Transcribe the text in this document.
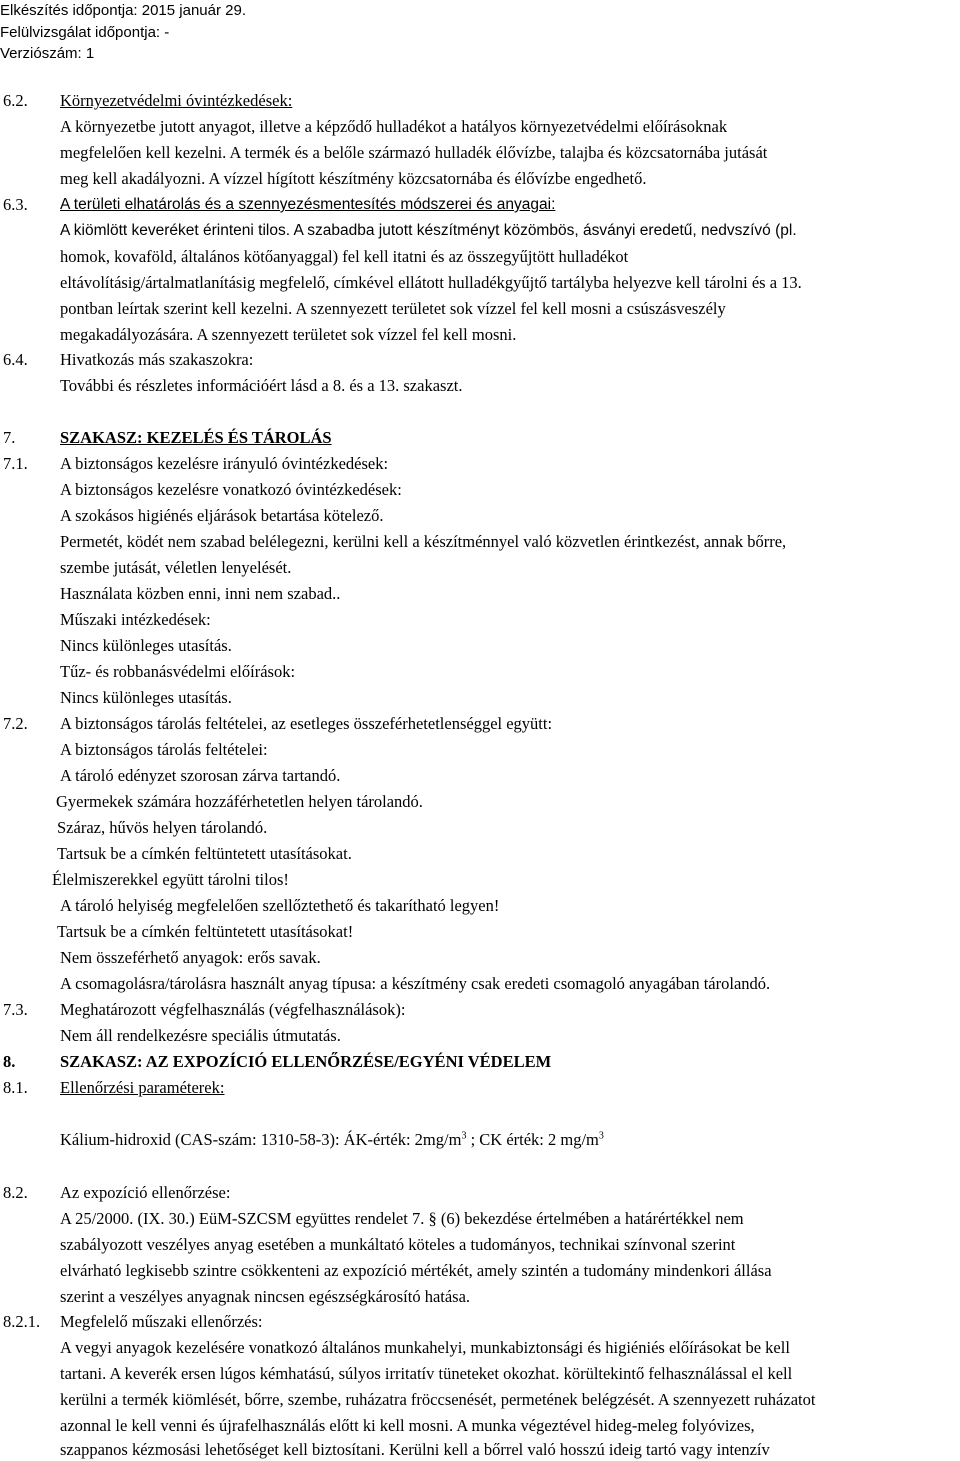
Elkészítés időpontja: 2015 január 29.
Felülvizsgálat időpontja: -
Verziószám: 1
6.2. Környezetvédelmi óvintézkedések:
A környezetbe jutott anyagot, illetve a képződő hulladékot a hatályos környezetvédelmi előírásoknak
megfelelően kell kezelni. A termék és a belőle származó hulladék élővízbe, talajba és közcsatornába jutását
meg kell akadályozni. A vízzel hígított készítmény közcsatornába és élővízbe engedhető.
6.3. A területi elhatárolás és a szennyezésmentesítés módszerei és anyagai:
A kiömlött keveréket érinteni tilos. A szabadba jutott készítményt közömbös, ásványi eredetű, nedvszívó (pl.
homok, kovaföld, általános kötőanyaggal) fel kell itatni és az összegyűjtött hulladékot
eltávolításig/ártalmatlanításig megfelelő, címkével ellátott hulladékgyűjtő tartályba helyezve kell tárolni és a 13.
pontban leírtak szerint kell kezelni. A szennyezett területet sok vízzel fel kell mosni a csúszásveszély
megakadályozására. A szennyezett területet sok vízzel fel kell mosni.
6.4. Hivatkozás más szakaszokra:
További és részletes információért lásd a 8. és a 13. szakaszt.
7.	SZAKASZ: KEZELÉS ÉS TÁROLÁS
7.1. A biztonságos kezelésre irányuló óvintézkedések:
A biztonságos kezelésre vonatkozó óvintézkedések:
A szokásos higiénés eljárások betartása kötelező.
Permetét, ködét nem szabad belélegezni, kerülni kell a készítménnyel való közvetlen érintkezést, annak bőrre,
szembe jutását, véletlen lenyelését.
Használata közben enni, inni nem szabad..
Műszaki intézkedések:
Nincs különleges utasítás.
Tűz- és robbanásvédelmi előírások:
Nincs különleges utasítás.
7.2. A biztonságos tárolás feltételei, az esetleges összeférhetetlenséggel együtt:
A biztonságos tárolás feltételei:
A tároló edényzet szorosan zárva tartandó.
Gyermekek számára hozzáférhetetlen helyen tárolandó.
Száraz, hűvös helyen tárolandó.
Tartsuk be a címkén feltüntetett utasításokat.
Élelmiszerekkel együtt tárolni tilos!
A tároló helyiség megfelelően szellőztethető és takarítható legyen!
Tartsuk be a címkén feltüntetett utasításokat!
Nem összeférhető anyagok: erős savak.
A csomagolásra/tárolásra használt anyag típusa: a készítmény csak eredeti csomagoló anyagában tárolandó.
7.3. Meghatározott végfelhasználás (végfelhasználások):
Nem áll rendelkezésre speciális útmutatás.
8.	SZAKASZ: AZ EXPOZÍCIÓ ELLENŐRZÉSE/EGYÉNI VÉDELEM
8.1. Ellenőrzési paraméterek:
Kálium-hidroxid (CAS-szám: 1310-58-3): ÁK-érték: $2mg/m^3$ ; CK érték: 2 $mg/m^3$
8.2. Az expozíció ellenőrzése:
A 25/2000. (IX. 30.) EüM-SZCSM együttes rendelet 7. § (6) bekezdése értelmében a határértékkel nem
szabályozott veszélyes anyag esetében a munkáltató köteles a tudományos, technikai színvonal szerint
elvárható legkisebb szintre csökkenteni az expozíció mértékét, amely szintén a tudomány mindenkori állása
szerint a veszélyes anyagnak nincsen egészségkárosító hatása.
8.2.1. Megfelelő műszaki ellenőrzés:
A vegyi anyagok kezelésére vonatkozó általános munkahelyi, munkabiztonsági és higiéniés előírásokat be kell
tartani. A keverék ersen lúgos kémhatású, súlyos irritatív tüneteket okozhat. körültekintő felhasználással el kell
kerülni a termék kiömlését, bőrre, szembe, ruházatra fröccsenését, permetének belégzését. A szennyezett ruházatot
azonnal le kell venni és újrafelhasználás előtt ki kell mosni. A munka végeztével hideg-meleg folyóvizes,
szappanos kézmosási lehetőséget kell biztosítani. Kerülni kell a bőrrel való hosszú ideig tartó vagy intenzív
